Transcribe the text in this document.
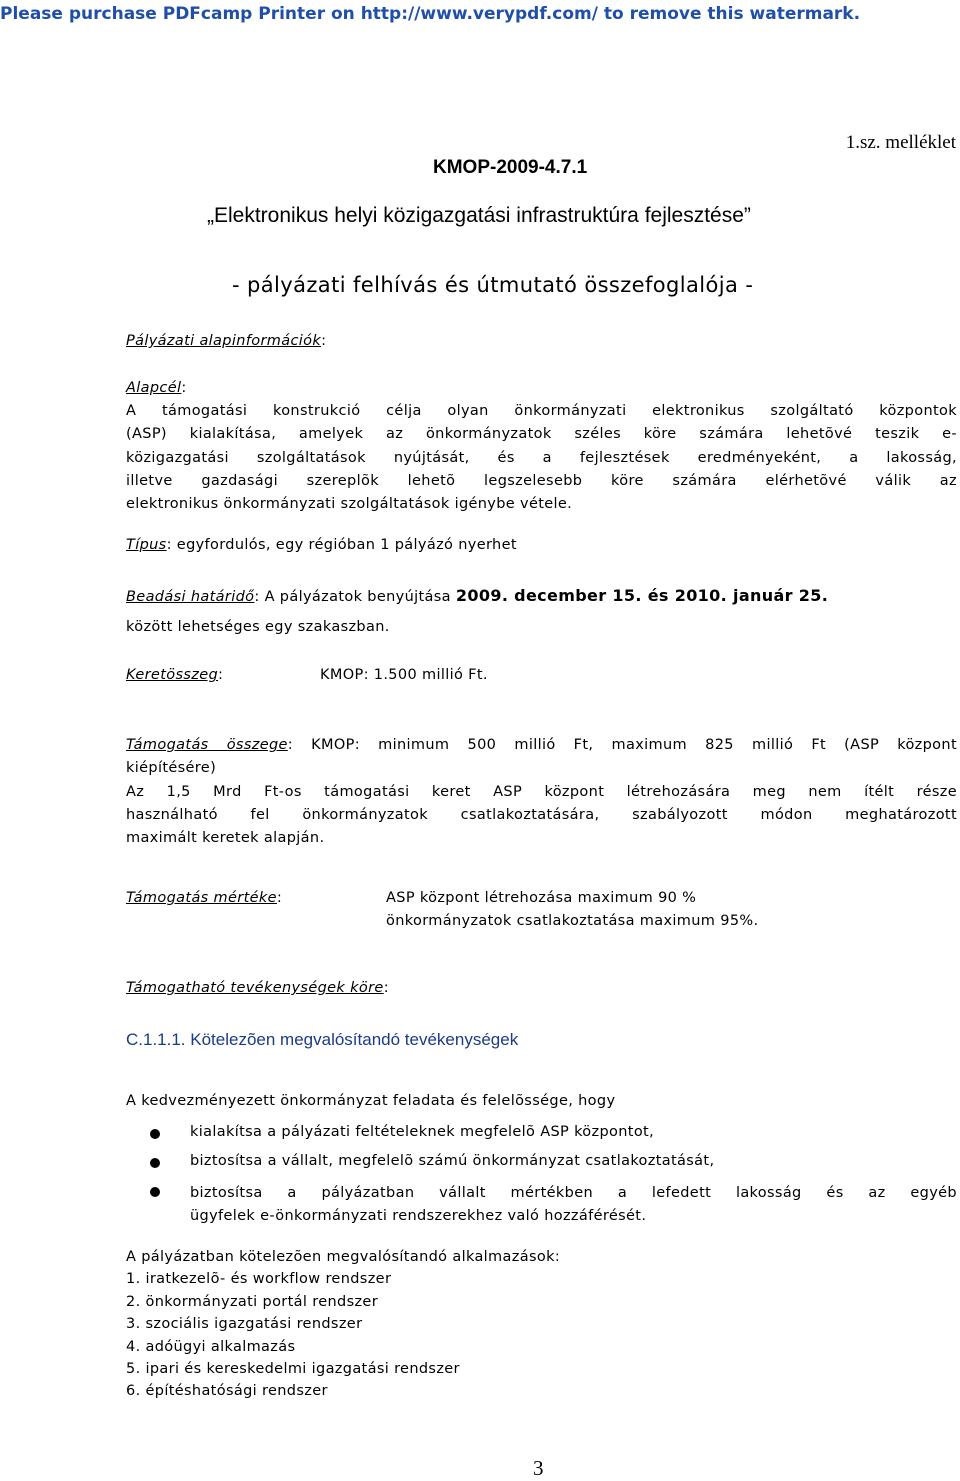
Please purchase PDFcamp Printer on http://www.verypdf.com/ to remove this watermark.
1.sz. melléklet
KMOP-2009-4.7.1
„Elektronikus helyi közigazgatási infrastruktúra fejlesztése”
- pályázati felhívás és útmutató összefoglalója -
Pályázati alapinformációk:
Alapcél:
A támogatási konstrukció célja olyan önkormányzati elektronikus szolgáltató központok
(ASP) kialakítása, amelyek az önkormányzatok széles köre számára lehetõvé teszik e-
közigazgatási szolgáltatások nyújtását, és a fejlesztések eredményeként, a lakosság,
illetve gazdasági szereplõk lehetõ legszelesebb köre számára elérhetõvé válik az
elektronikus önkormányzati szolgáltatások igénybe vétele.
Típus: egyfordulós, egy régióban 1 pályázó nyerhet
Beadási határidő: A pályázatok benyújtása 2009. december 15. és 2010. január 25.
között lehetséges egy szakaszban.
Keretösszeg:	KMOP: 1.500 millió Ft.
Támogatás összege: KMOP: minimum 500 millió Ft, maximum 825 millió Ft (ASP központ
kiépítésére)
Az 1,5 Mrd Ft-os támogatási keret ASP központ létrehozására meg nem ítélt része
használható fel önkormányzatok csatlakoztatására, szabályozott módon meghatározott
maximált keretek alapján.
Támogatás mértéke:	ASP központ létrehozása maximum 90 %
önkormányzatok csatlakoztatása maximum 95%.
Támogatható tevékenységek köre:
C.1.1.1. Kötelezõen megvalósítandó tevékenységek
A kedvezményezett önkormányzat feladata és felelõssége, hogy
kialakítsa a pályázati feltételeknek megfelelõ ASP központot,
biztosítsa a vállalt, megfelelõ számú önkormányzat csatlakoztatását,
biztosítsa a pályázatban vállalt mértékben a lefedett lakosság és az egyéb
ügyfelek e-önkormányzati rendszerekhez való hozzáférését.
A pályázatban kötelezõen megvalósítandó alkalmazások:
1. iratkezelõ- és workflow rendszer
2. önkormányzati portál rendszer
3. szociális igazgatási rendszer
4. adóügyi alkalmazás
5. ipari és kereskedelmi igazgatási rendszer
6. építéshatósági rendszer
3
